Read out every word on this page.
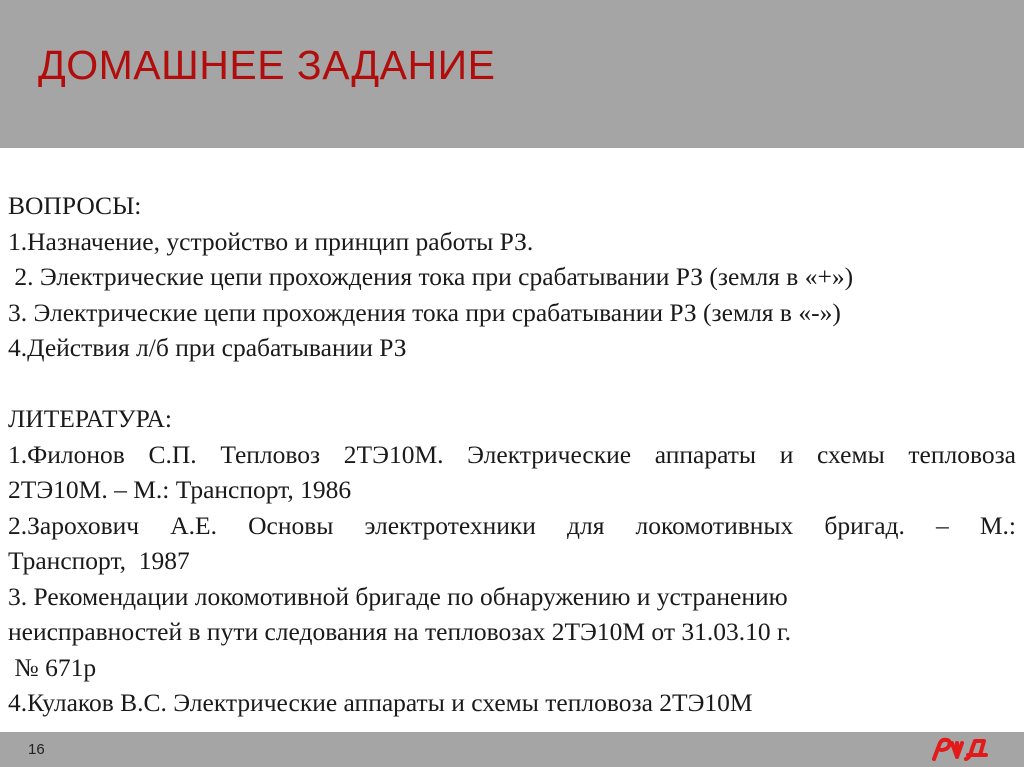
ДОМАШНЕЕ ЗАДАНИЕ
ВОПРОСЫ:
1.Назначение, устройство и принцип работы РЗ.
2. Электрические цепи прохождения тока при срабатывании РЗ (земля в «+»)
3. Электрические цепи прохождения тока при срабатывании РЗ (земля в «-»)
4.Действия л/б при срабатывании РЗ
ЛИТЕРАТУРА:
1.Филонов С.П. Тепловоз 2ТЭ10М. Электрические аппараты и схемы тепловоза
2ТЭ10М. – М.: Транспорт, 1986
2.Зарохович А.Е. Основы электротехники для локомотивных бригад. – М.:
Транспорт,  1987
3. Рекомендации локомотивной бригаде по обнаружению и устранению
неисправностей в пути следования на тепловозах 2ТЭ10М от 31.03.10 г.
№ 671р
4.Кулаков В.С. Электрические аппараты и схемы тепловоза 2ТЭ10М
16
